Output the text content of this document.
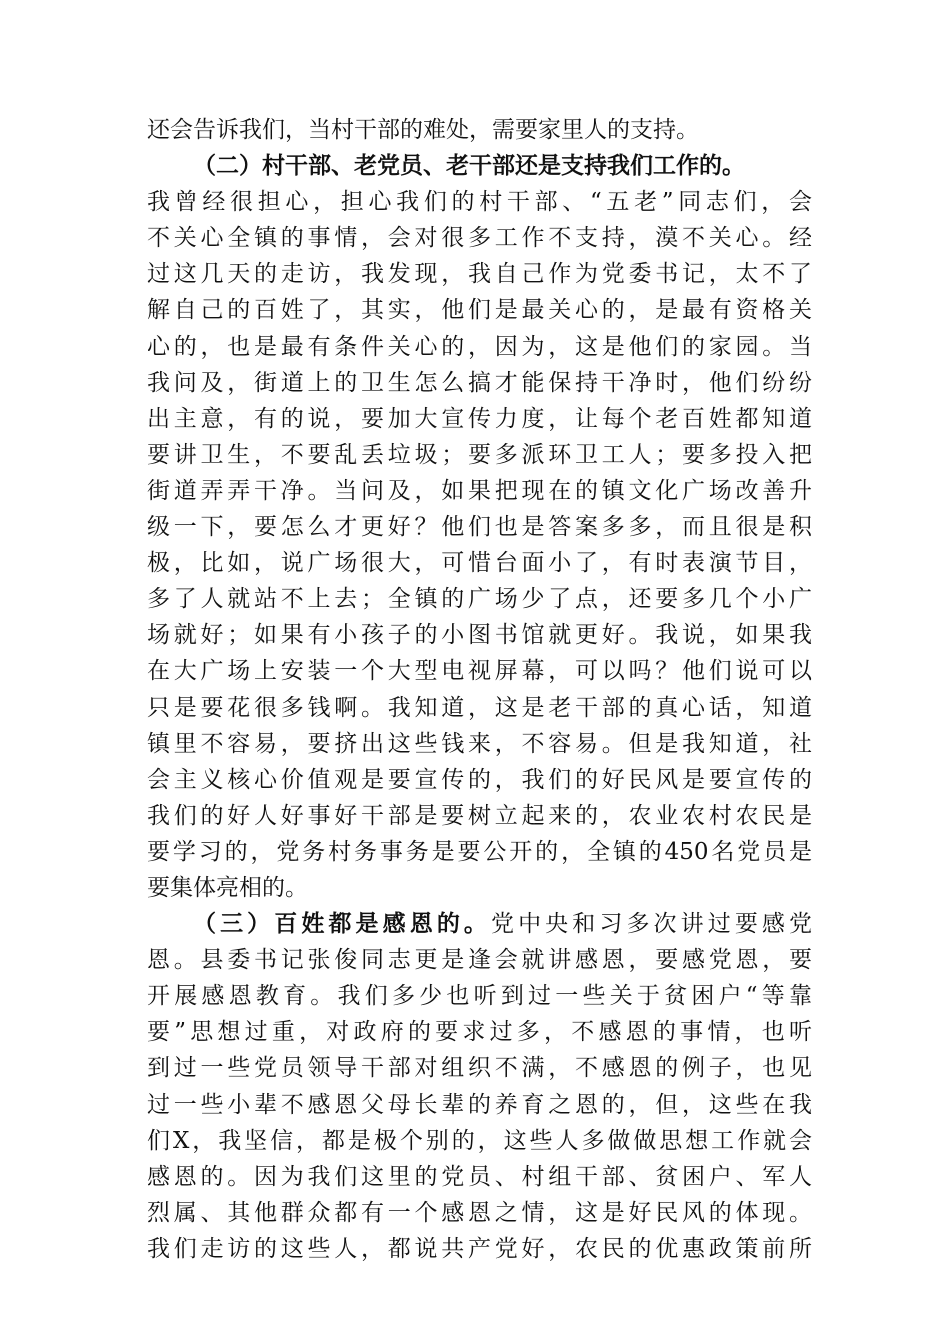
还会告诉我们，当村干部的难处，需要家里人的支持。
（二）村干部、老党员、老干部还是支持我们工作的。
我曾经很担心，担心我们的村干部、“五老”同志们，会
不关心全镇的事情，会对很多工作不支持，漠不关心。经
过这几天的走访，我发现，我自己作为党委书记，太不了
解自己的百姓了，其实，他们是最关心的，是最有资格关
心的，也是最有条件关心的，因为，这是他们的家园。当
我问及，街道上的卫生怎么搞才能保持干净时，他们纷纷
出主意，有的说，要加大宣传力度，让每个老百姓都知道
要讲卫生，不要乱丢垃圾；要多派环卫工人；要多投入把
街道弄弄干净。当问及，如果把现在的镇文化广场改善升
级一下，要怎么才更好？他们也是答案多多，而且很是积
极，比如，说广场很大，可惜台面小了，有时表演节目，
多了人就站不上去；全镇的广场少了点，还要多几个小广
场就好；如果有小孩子的小图书馆就更好。我说，如果我
在大广场上安装一个大型电视屏幕，可以吗？他们说可以
只是要花很多钱啊。我知道，这是老干部的真心话，知道
镇里不容易，要挤出这些钱来，不容易。但是我知道，社
会主义核心价值观是要宣传的，我们的好民风是要宣传的
我们的好人好事好干部是要树立起来的，农业农村农民是
要学习的，党务村务事务是要公开的，全镇的450名党员是
要集体亮相的。
（三）百姓都是感恩的。党中央和习多次讲过要感党
恩。县委书记张俊同志更是逢会就讲感恩，要感党恩，要
开展感恩教育。我们多少也听到过一些关于贫困户“等靠
要”思想过重，对政府的要求过多，不感恩的事情，也听
到过一些党员领导干部对组织不满，不感恩的例子，也见
过一些小辈不感恩父母长辈的养育之恩的，但，这些在我
们X，我坚信，都是极个别的，这些人多做做思想工作就会
感恩的。因为我们这里的党员、村组干部、贫困户、军人
烈属、其他群众都有一个感恩之情，这是好民风的体现。
我们走访的这些人，都说共产党好，农民的优惠政策前所
